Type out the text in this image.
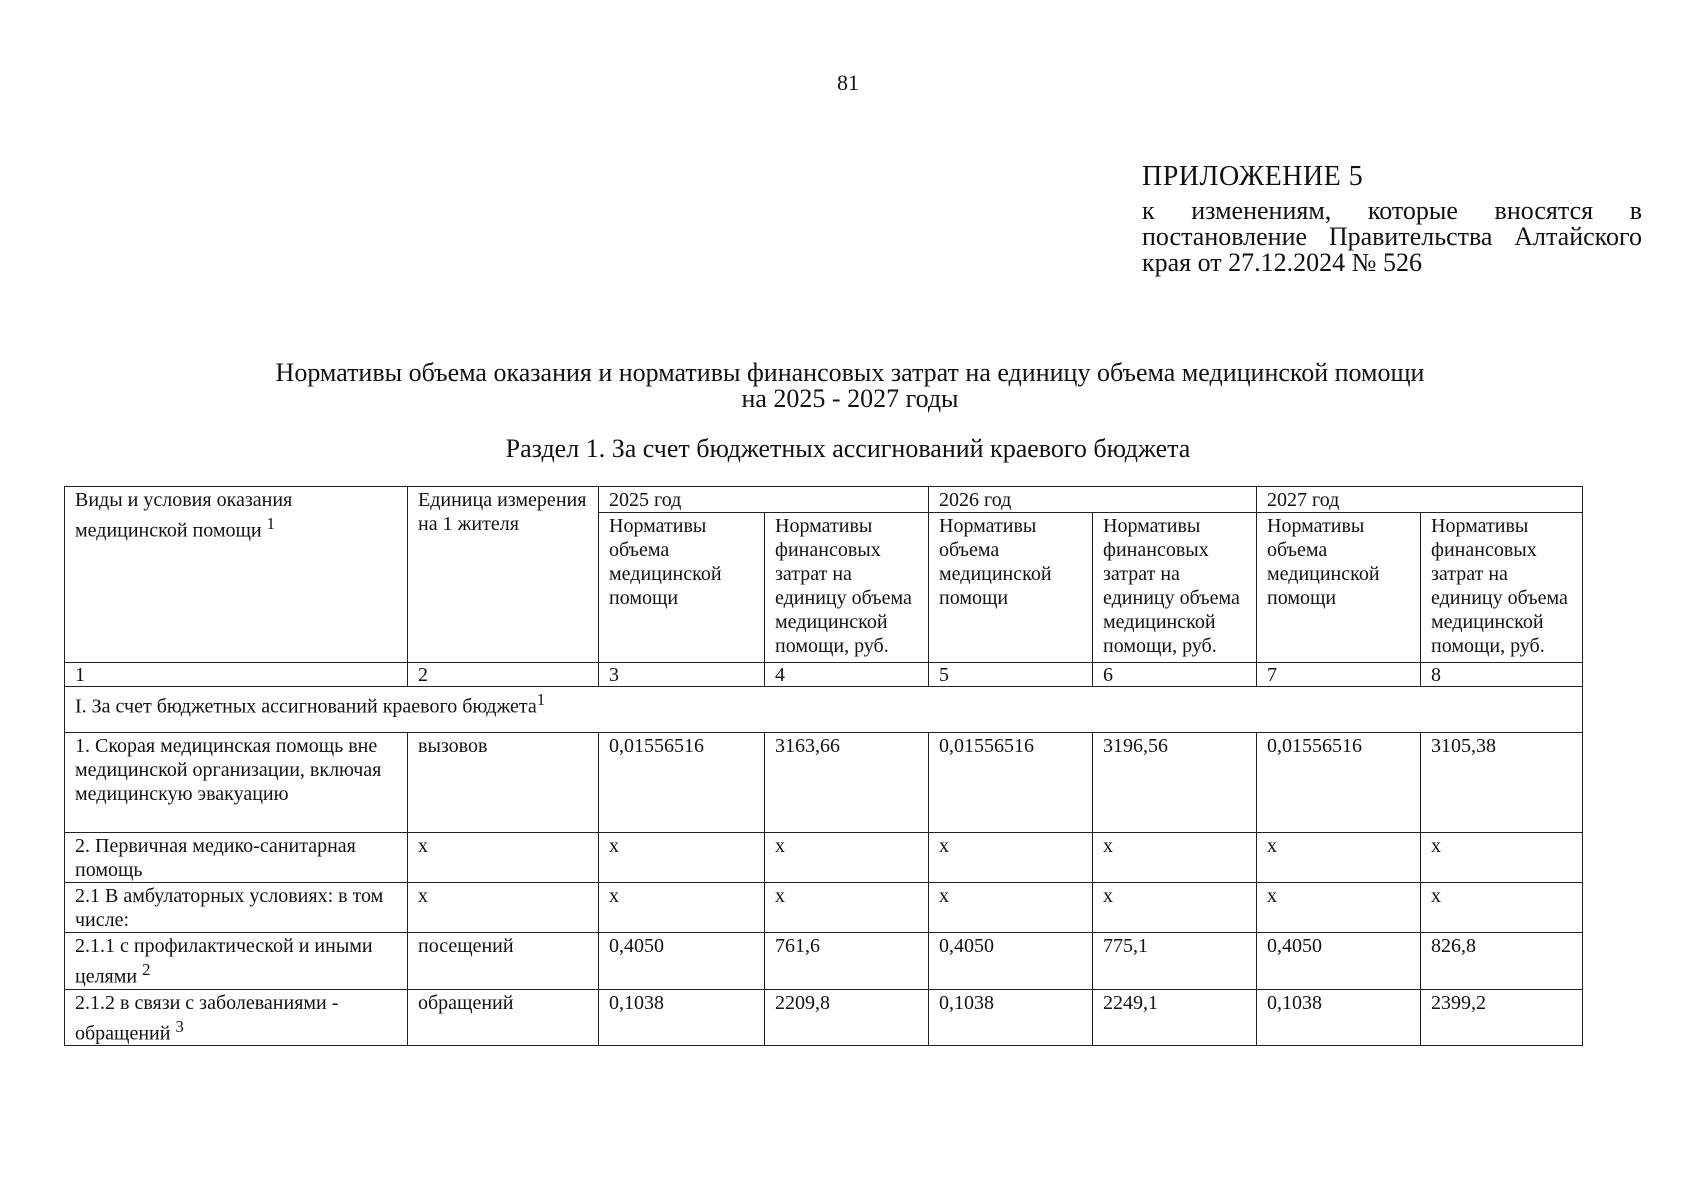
81
ПРИЛОЖЕНИЕ 5
к изменениям, которые вносятся в постановление Правительства Алтайского края от 27.12.2024 № 526
Нормативы объема оказания и нормативы финансовых затрат на единицу объема медицинской помощи
на 2025 - 2027 годы
Раздел 1. За счет бюджетных ассигнований краевого бюджета
Виды и условия оказания медицинской помощи $^1$	Единица измерения на 1 жителя	2025 год		2026 год		2027 год	
		Нормативы объема медицинской помощи	Нормативы финансовых затрат на единицу объема медицинской помощи, руб.	Нормативы объема медицинской помощи	Нормативы финансовых затрат на единицу объема медицинской помощи, руб.	Нормативы объема медицинской помощи	Нормативы финансовых затрат на единицу объема медицинской помощи, руб.
1	2	3	4	5	6	7	8
I. За счет бюджетных ассигнований краевого бюджета$^1$
1. Скорая медицинская помощь вне медицинской организации, включая медицинскую эвакуацию	вызовов	0,01556516	3163,66	0,01556516	3196,56	0,01556516	3105,38
2. Первичная медико-санитарная помощь	х	х	х	х	х	х	х
2.1 В амбулаторных условиях: в том числе:	х	х	х	х	х	х	х
2.1.1 с профилактической и иными целями $^2$	посещений	0,4050	761,6	0,4050	775,1	0,4050	826,8
2.1.2 в связи с заболеваниями - обращений $^3$	обращений	0,1038	2209,8	0,1038	2249,1	0,1038	2399,2
